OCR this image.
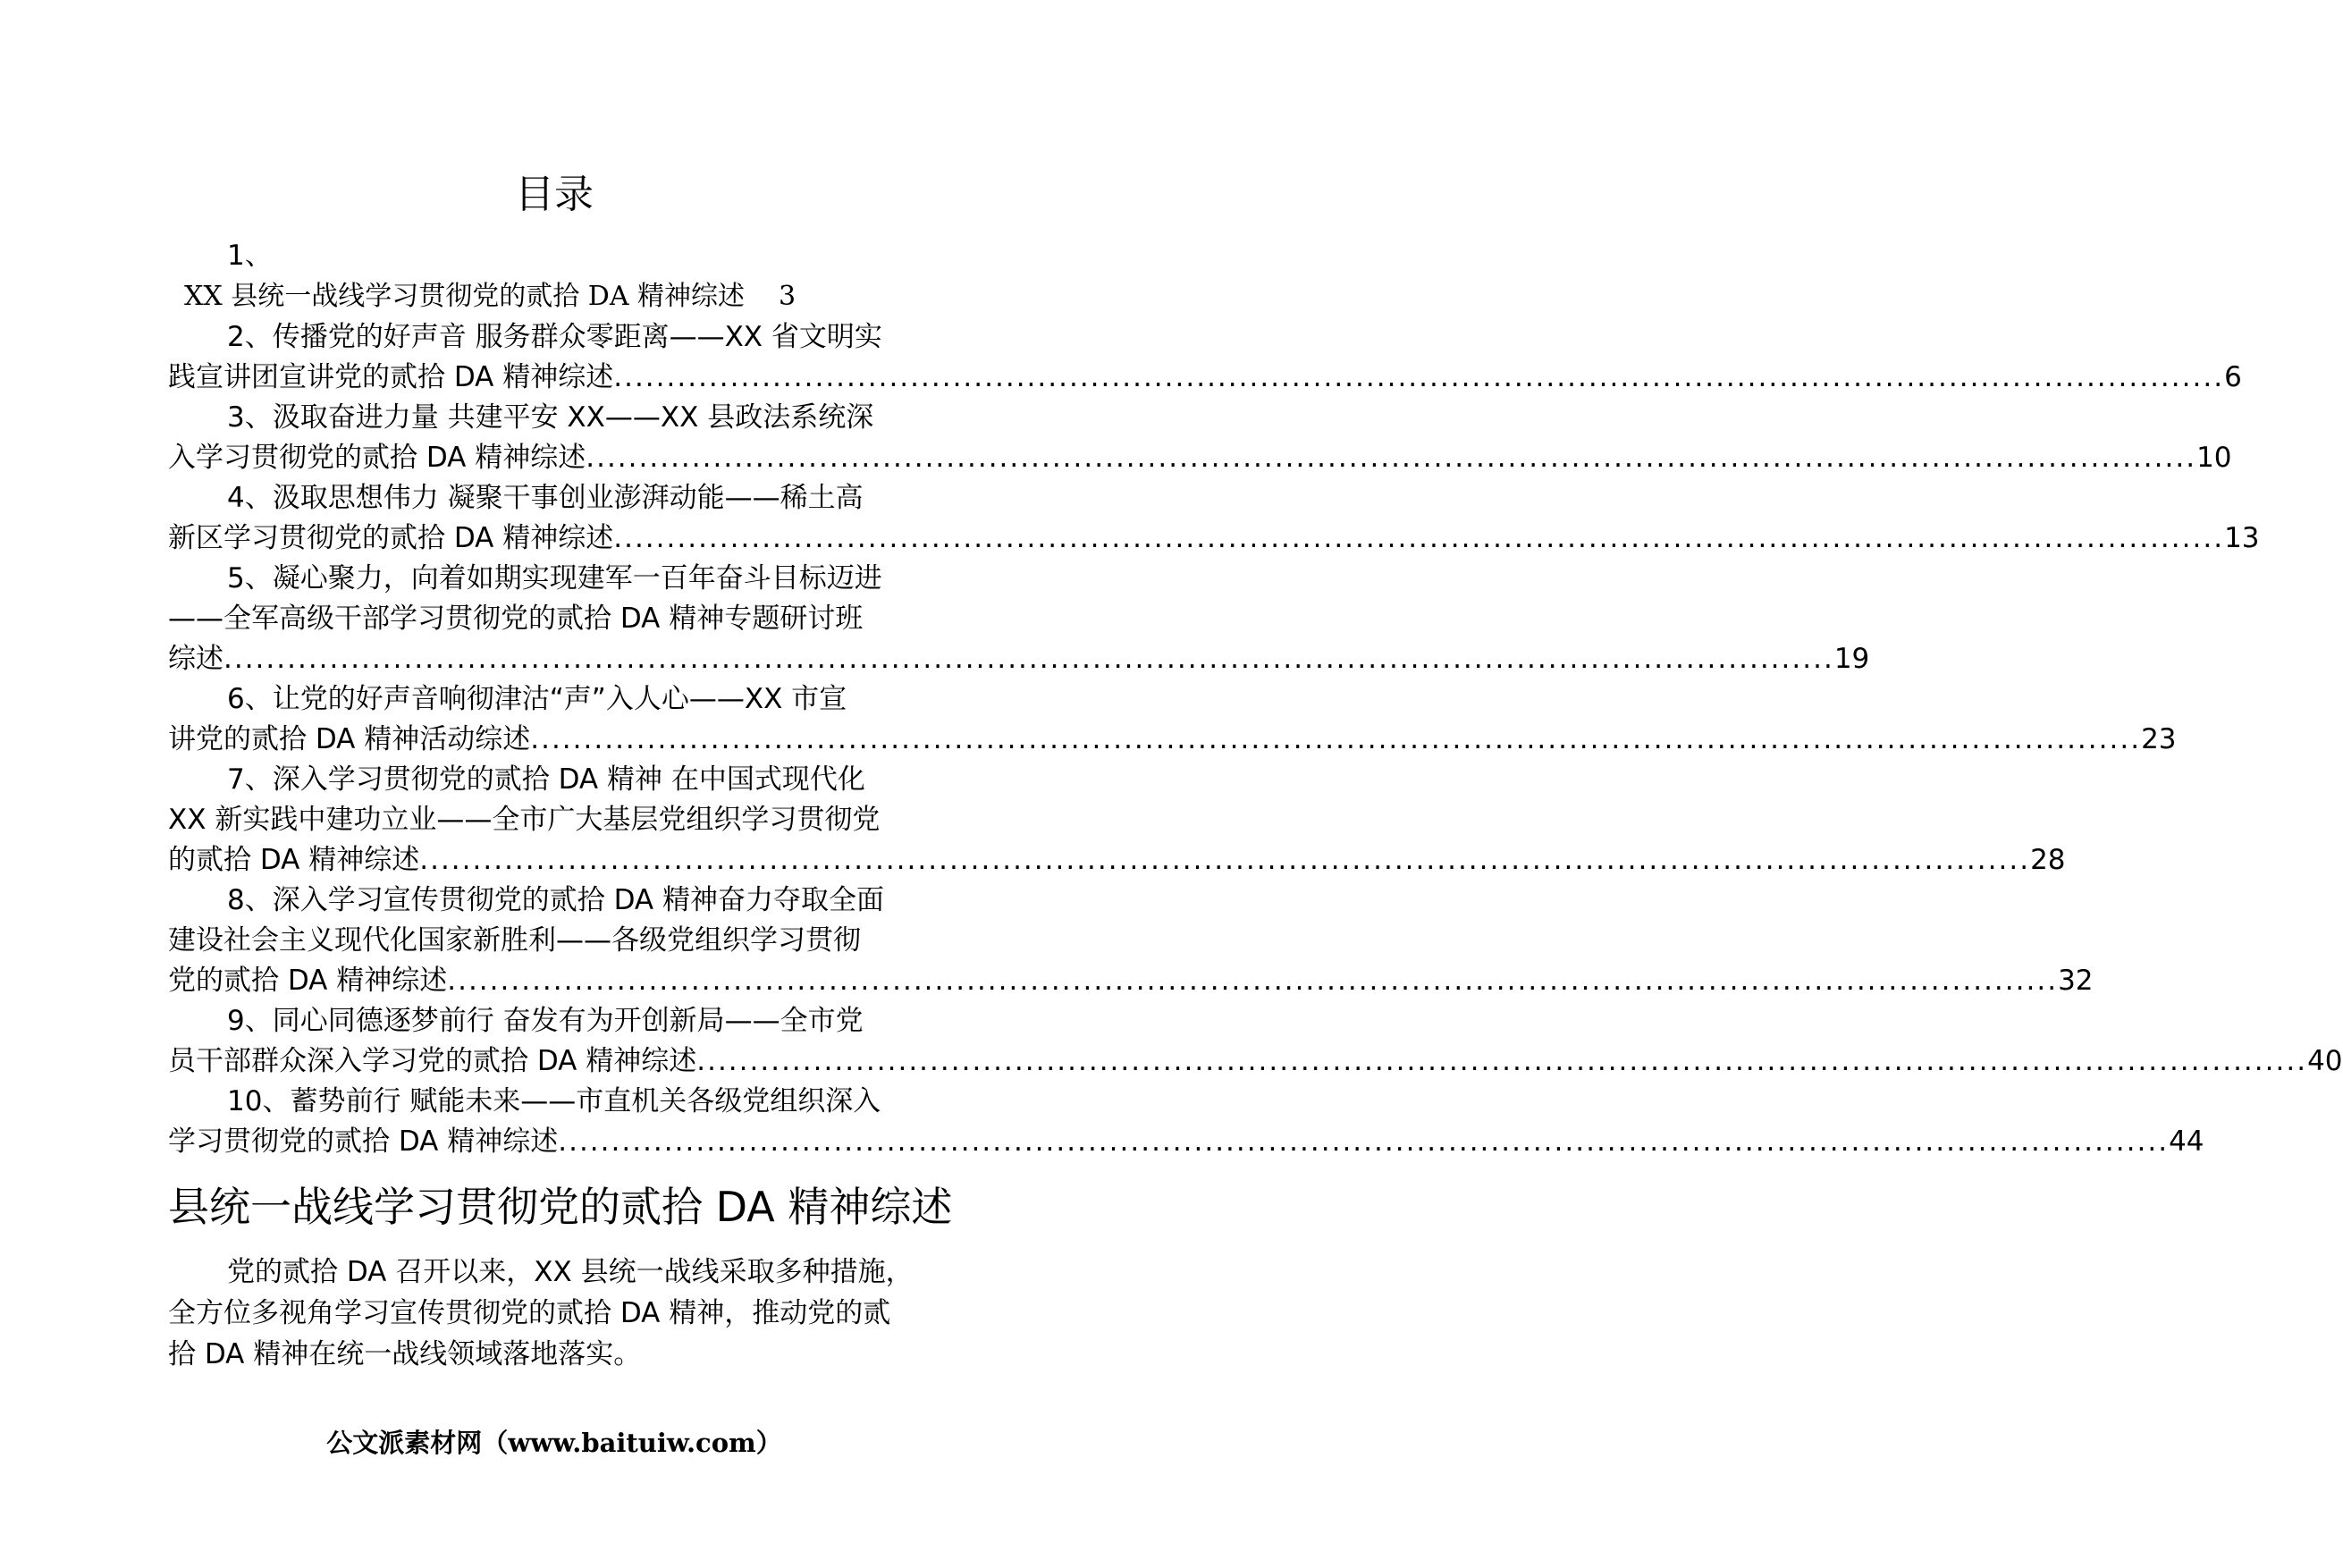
目录
1、
XX 县统一战线学习贯彻党的贰拾 DA 精神综述 3
2、传播党的好声音 服务群众零距离——XX 省文明实
践宣讲团宣讲党的贰拾 DA 精神综述 ........................................................................................................................................................ 6
3、汲取奋进力量 共建平安 XX——XX 县政法系统深
入学习贯彻党的贰拾 DA 精神综述 ........................................................................................................................................................ 10
4、汲取思想伟力 凝聚干事创业澎湃动能——稀土高
新区学习贯彻党的贰拾 DA 精神综述 ........................................................................................................................................................ 13
5、凝心聚力，向着如期实现建军一百年奋斗目标迈进
——全军高级干部学习贯彻党的贰拾 DA 精神专题研讨班
综述 ........................................................................................................................................................ 19
6、让党的好声音响彻津沽“声”入人心——XX 市宣
讲党的贰拾 DA 精神活动综述 ........................................................................................................................................................ 23
7、深入学习贯彻党的贰拾 DA 精神 在中国式现代化
XX 新实践中建功立业——全市广大基层党组织学习贯彻党
的贰拾 DA 精神综述 ........................................................................................................................................................ 28
8、深入学习宣传贯彻党的贰拾 DA 精神奋力夺取全面
建设社会主义现代化国家新胜利——各级党组织学习贯彻
党的贰拾 DA 精神综述 ........................................................................................................................................................ 32
9、同心同德逐梦前行 奋发有为开创新局——全市党
员干部群众深入学习党的贰拾 DA 精神综述 ........................................................................................................................................................ 40
10、蓄势前行 赋能未来——市直机关各级党组织深入
学习贯彻党的贰拾 DA 精神综述 ........................................................................................................................................................ 44
县统一战线学习贯彻党的贰拾 DA 精神综述
党的贰拾 DA 召开以来，XX 县统一战线采取多种措施，
全方位多视角学习宣传贯彻党的贰拾 DA 精神，推动党的贰
拾 DA 精神在统一战线领域落地落实。
公文派素材网（www.baituiw.com）
